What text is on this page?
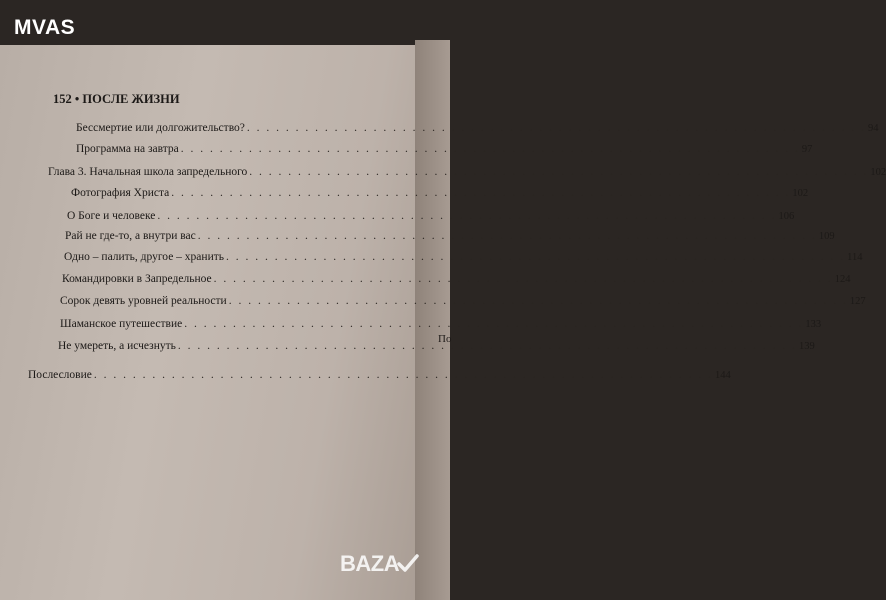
По
MVAS
152 • ПОСЛЕ ЖИЗНИ
Бессмертие или долгожительство? . . .	94
Программа на завтра . . .	97
Глава 3. Начальная школа запредельного . . .	102
Фотография Христа . . .	102
О Боге и человеке . . .	106
Рай не где-то, а внутри вас . . .	109
Одно – палить, другое – хранить . . .	114
Командировки в Запредельное . . .	124
Сорок девять уровней реальности . . .	127
Шаманское путешествие . . .	133
Не умереть, а исчезнуть . . .	139
Послесловие . . .	144
BAZA
